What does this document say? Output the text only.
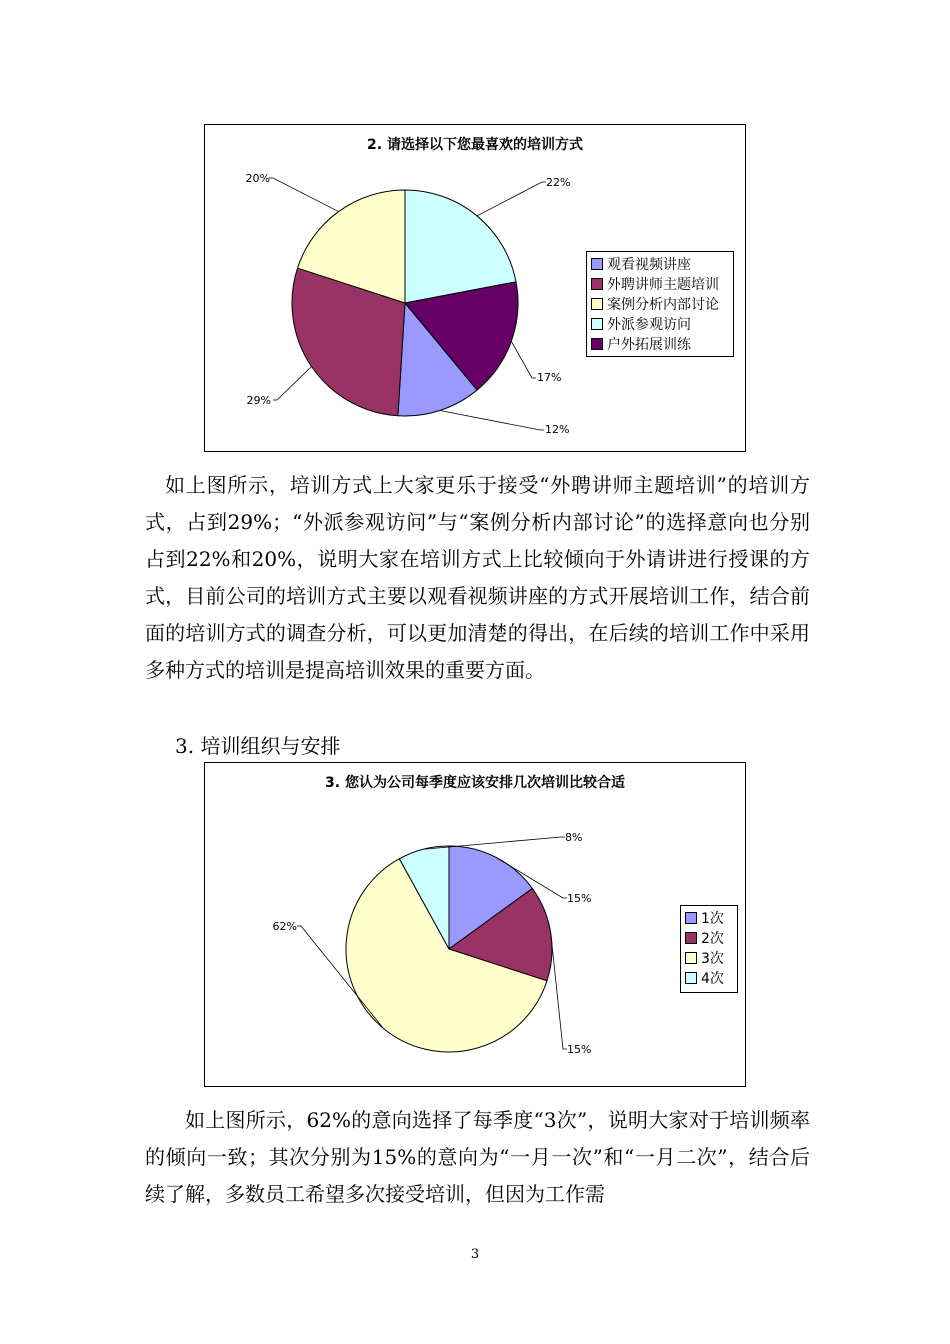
2. 请选择以下您最喜欢的培训方式
22%
17%
12%
29%
20%
观看视频讲座
外聘讲师主题培训
案例分析内部讨论
外派参观访问
户外拓展训练

如上图所示，培训方式上大家更乐于接受“外聘讲师主题培训”的培训方式，占到29%；“外派参观访问”与“案例分析内部讨论”的选择意向也分别占到22%和20%，说明大家在培训方式上比较倾向于外请讲进行授课的方式，目前公司的培训方式主要以观看视频讲座的方式开展培训工作，结合前面的培训方式的调查分析，可以更加清楚的得出，在后续的培训工作中采用多种方式的培训是提高培训效果的重要方面。

3. 培训组织与安排

3. 您认为公司每季度应该安排几次培训比较合适
15%
15%
62%
8%
1次
2次
3次
4次

如上图所示，62%的意向选择了每季度“3次”，说明大家对于培训频率的倾向一致；其次分别为15%的意向为“一月一次”和“一月二次”，结合后续了解，多数员工希望多次接受培训，但因为工作需

3
